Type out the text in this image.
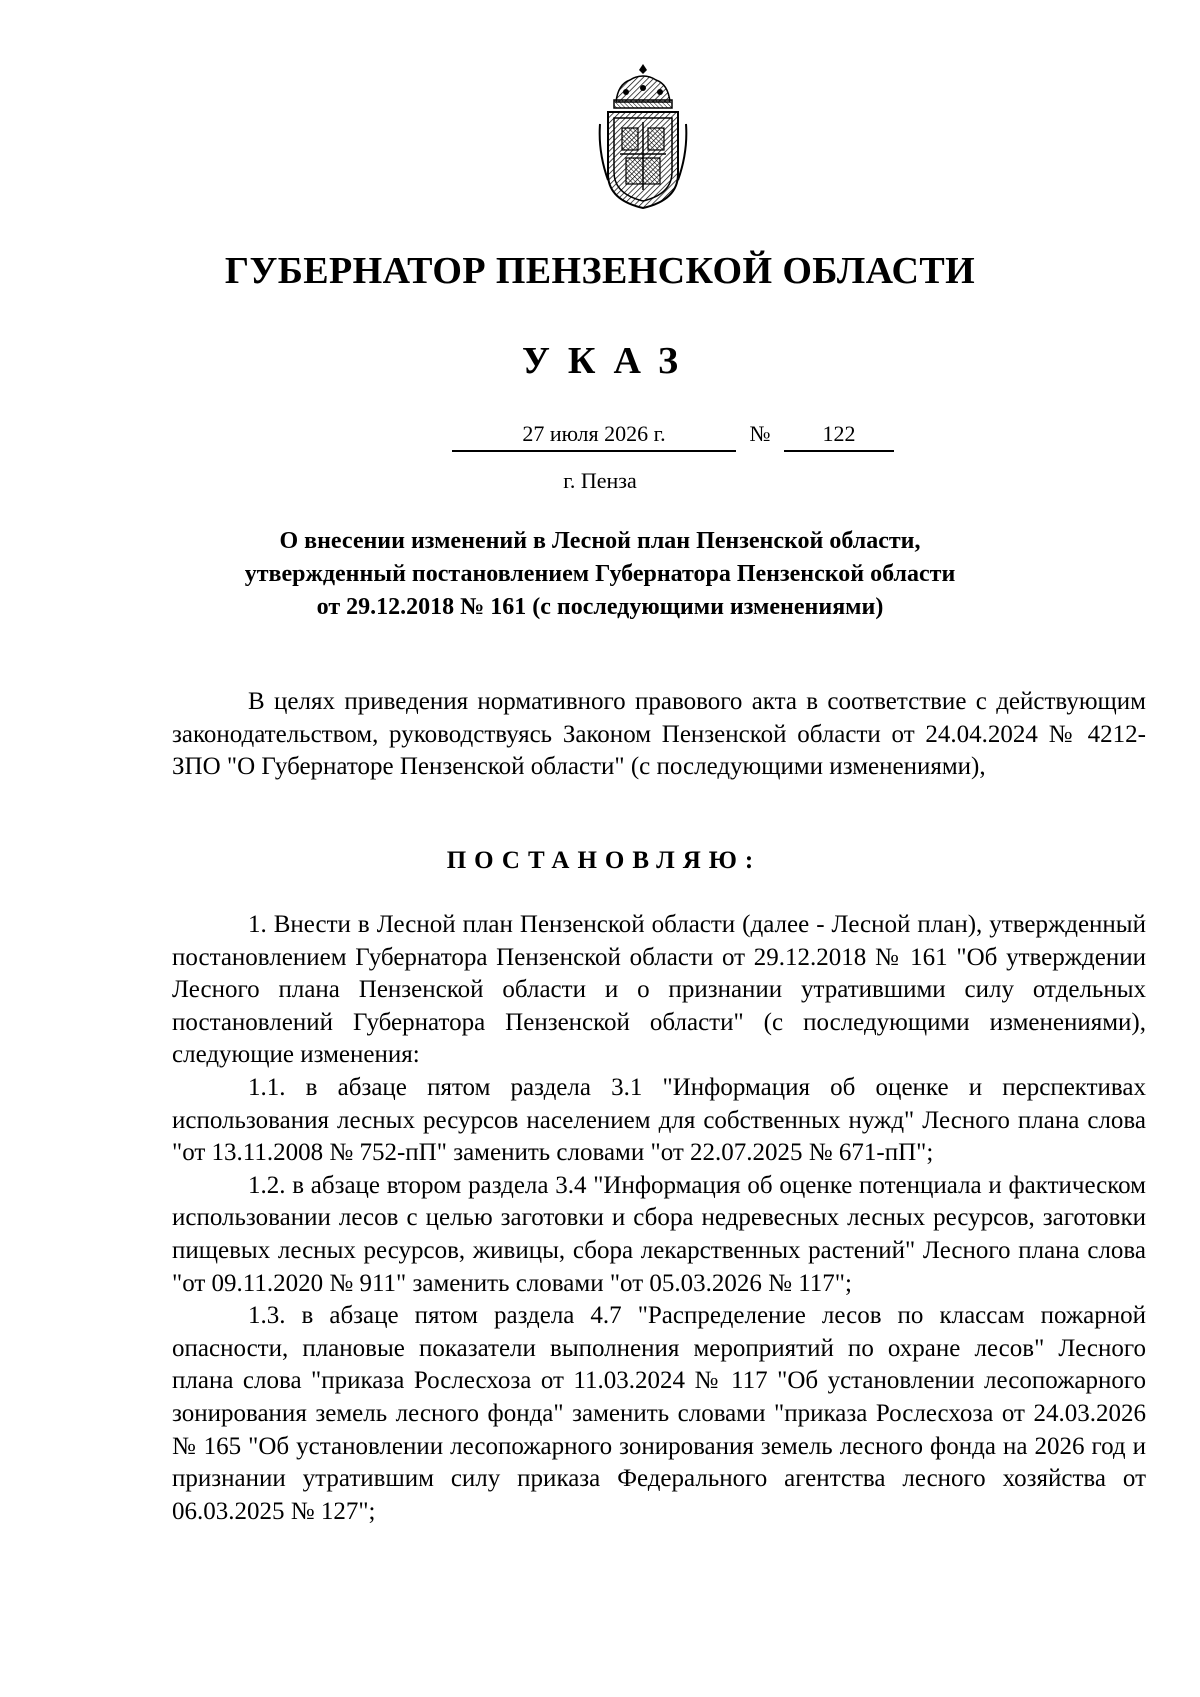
ГУБЕРНАТОР ПЕНЗЕНСКОЙ ОБЛАСТИ
УКАЗ
27 июля 2026 г.	№	122
г. Пенза
О внесении изменений в Лесной план Пензенской области,
утвержденный постановлением Губернатора Пензенской области
от 29.12.2018 № 161 (с последующими изменениями)

В целях приведения нормативного правового акта в соответствие с действующим законодательством, руководствуясь Законом Пензенской области от 24.04.2024 № 4212-ЗПО "О Губернаторе Пензенской области" (с последующими изменениями),

ПОСТАНОВЛЯЮ:

1. Внести в Лесной план Пензенской области (далее - Лесной план), утвержденный постановлением Губернатора Пензенской области от 29.12.2018 № 161 "Об утверждении Лесного плана Пензенской области и о признании утратившими силу отдельных постановлений Губернатора Пензенской области" (с последующими изменениями), следующие изменения:

1.1. в абзаце пятом раздела 3.1 "Информация об оценке и перспективах использования лесных ресурсов населением для собственных нужд" Лесного плана слова "от 13.11.2008 № 752-пП" заменить словами "от 22.07.2025 № 671-пП";

1.2. в абзаце втором раздела 3.4 "Информация об оценке потенциала и фактическом использовании лесов с целью заготовки и сбора недревесных лесных ресурсов, заготовки пищевых лесных ресурсов, живицы, сбора лекарственных растений" Лесного плана слова "от 09.11.2020 № 911" заменить словами "от 05.03.2026 № 117";

1.3. в абзаце пятом раздела 4.7 "Распределение лесов по классам пожарной опасности, плановые показатели выполнения мероприятий по охране лесов" Лесного плана слова "приказа Рослесхоза от 11.03.2024 № 117 "Об установлении лесопожарного зонирования земель лесного фонда" заменить словами "приказа Рослесхоза от 24.03.2026 № 165 "Об установлении лесопожарного зонирования земель лесного фонда на 2026 год и признании утратившим силу приказа Федерального агентства лесного хозяйства от 06.03.2025 № 127";
